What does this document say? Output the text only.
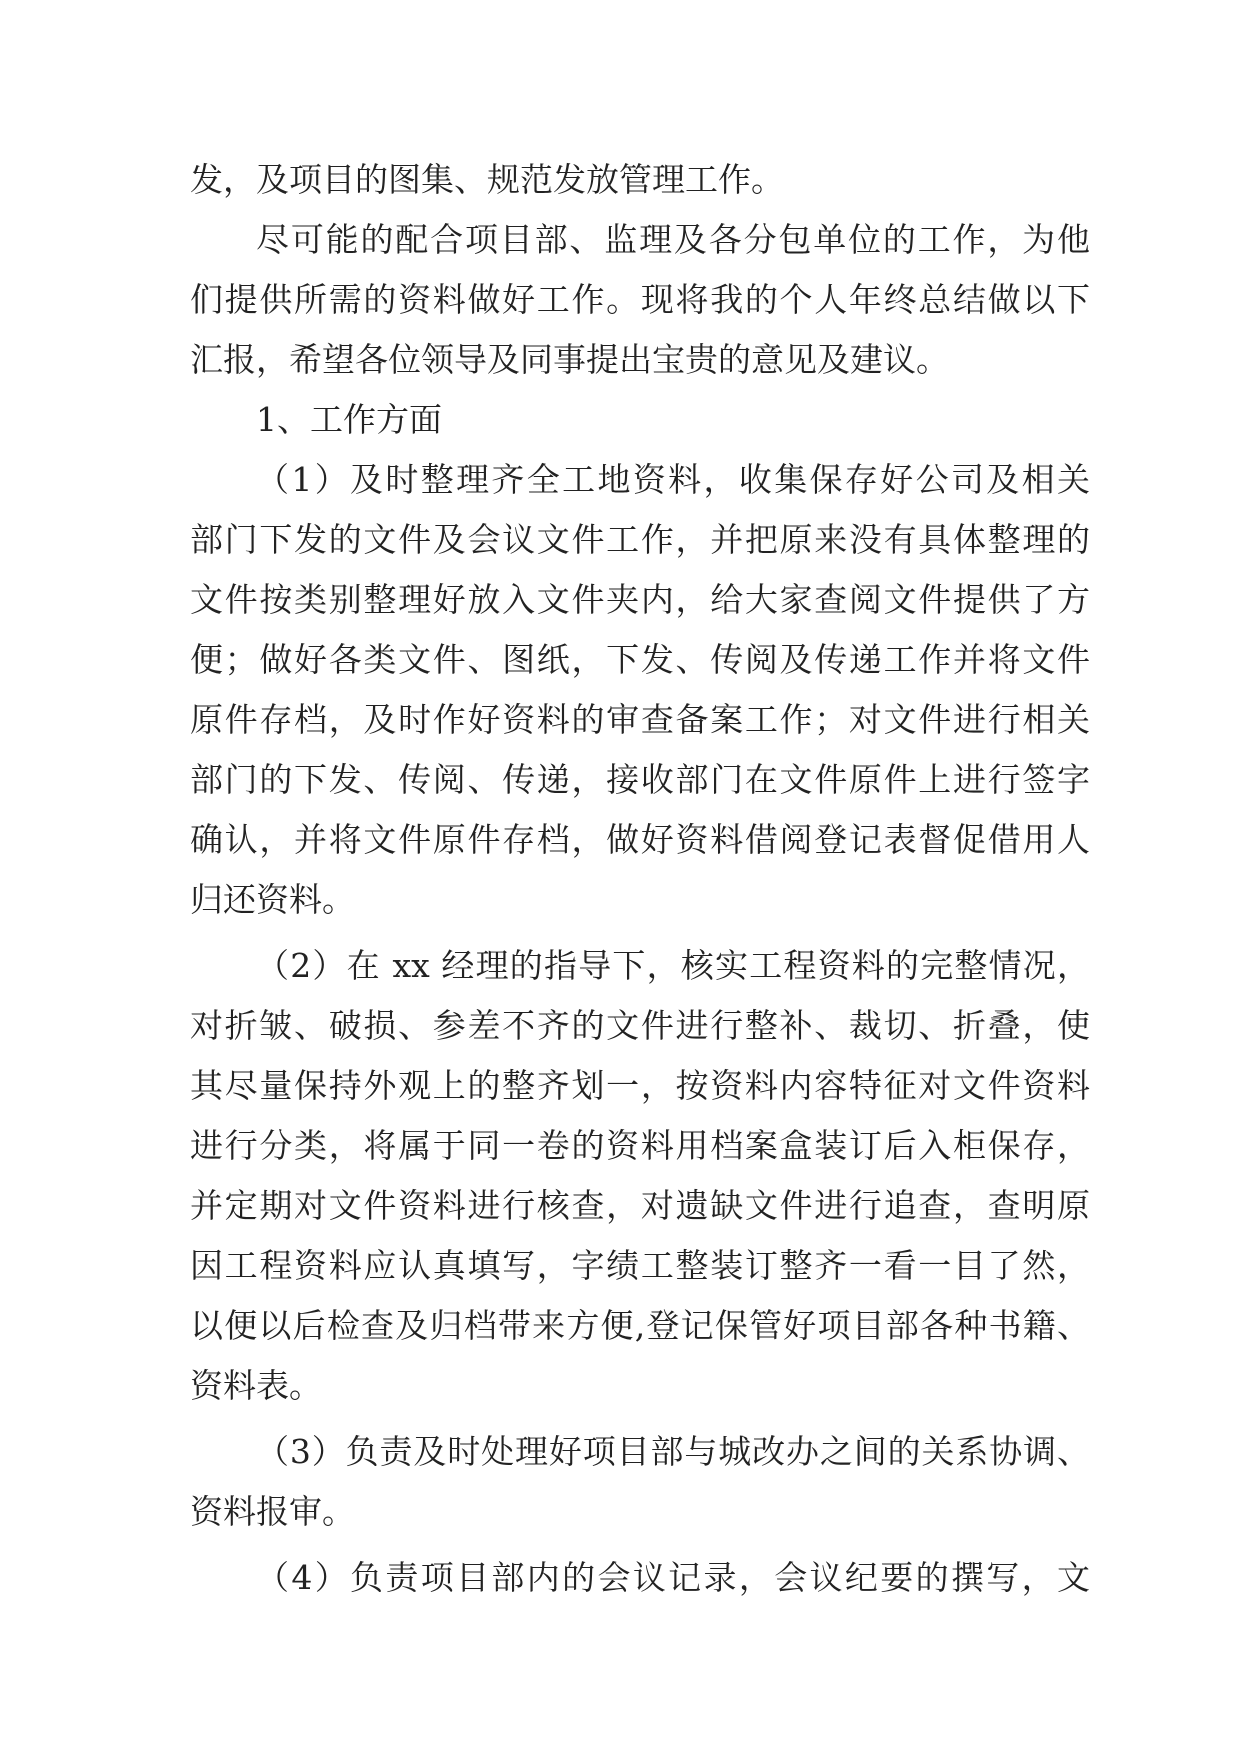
发，及项目的图集、规范发放管理工作。

尽可能的配合项目部、监理及各分包单位的工作，为他

们提供所需的资料做好工作。现将我的个人年终总结做以下

汇报，希望各位领导及同事提出宝贵的意见及建议。

1、工作方面

（1）及时整理齐全工地资料，收集保存好公司及相关

部门下发的文件及会议文件工作，并把原来没有具体整理的

文件按类别整理好放入文件夹内，给大家查阅文件提供了方

便；做好各类文件、图纸，下发、传阅及传递工作并将文件

原件存档，及时作好资料的审查备案工作；对文件进行相关

部门的下发、传阅、传递，接收部门在文件原件上进行签字

确认，并将文件原件存档，做好资料借阅登记表督促借用人

归还资料。

（2）在 xx 经理的指导下，核实工程资料的完整情况，

对折皱、破损、参差不齐的文件进行整补、裁切、折叠，使

其尽量保持外观上的整齐划一，按资料内容特征对文件资料

进行分类，将属于同一卷的资料用档案盒装订后入柜保存，

并定期对文件资料进行核查，对遗缺文件进行追查，查明原

因工程资料应认真填写，字绩工整装订整齐一看一目了然，

以便以后检查及归档带来方便,登记保管好项目部各种书籍、

资料表。

（3）负责及时处理好项目部与城改办之间的关系协调、

资料报审。

（4）负责项目部内的会议记录，会议纪要的撰写，文
